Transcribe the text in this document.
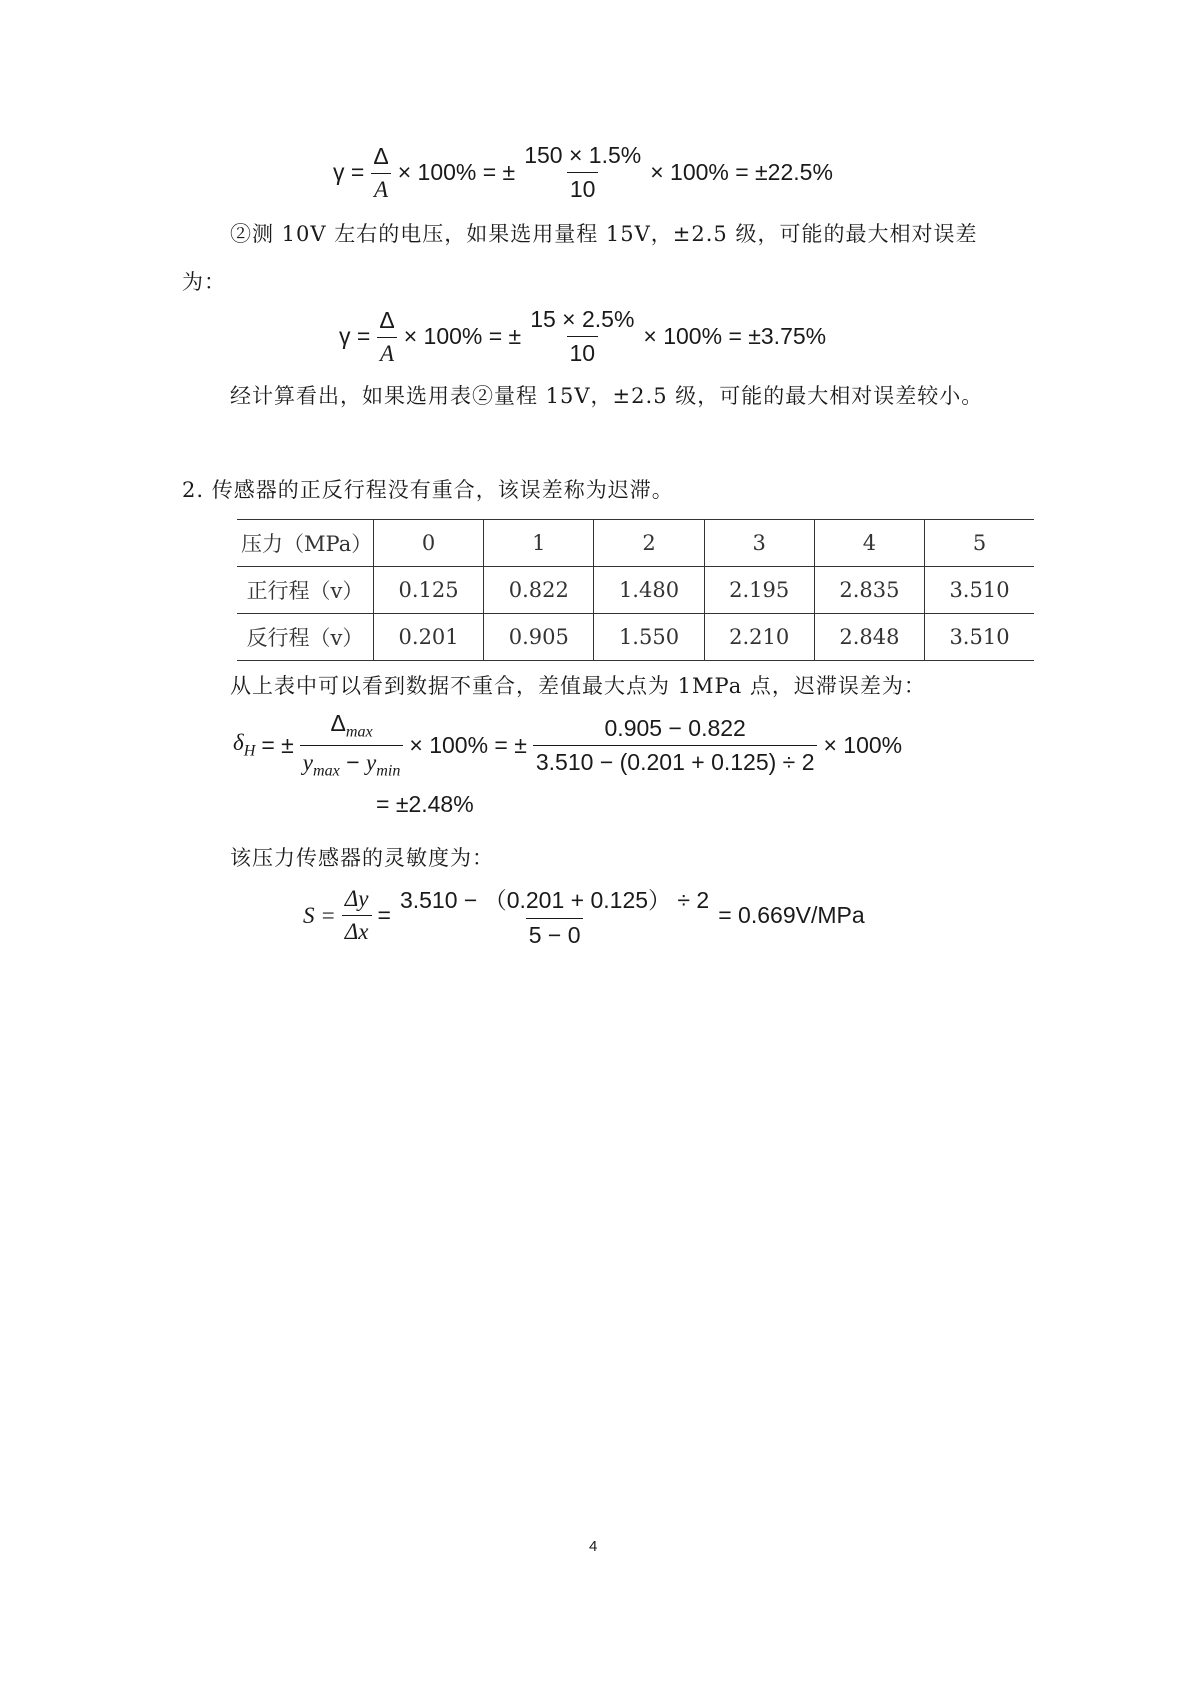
$\gamma = \frac{\Delta}{A} \times 100\%$ = ± $\frac{150 \times 1.5\%}{10} \times 100\% = \pm 22.5\%$
②测 10V 左右的电压，如果选用量程 15V，±2.5 级，可能的最大相对误差
为：
$\gamma = \frac{\Delta}{A} \times 100\%$ = ± $\frac{15 \times 2.5\%}{10} \times 100\% = \pm 3.75\%$
经计算看出，如果选用表②量程 15V，±2.5 级，可能的最大相对误差较小。
2. 传感器的正反行程没有重合，该误差称为迟滞。
压力（MPa）	0	1	2	3	4	5
正行程（v）	0.125	0.822	1.480	2.195	2.835	3.510
反行程（v）	0.201	0.905	1.550	2.210	2.848	3.510
从上表中可以看到数据不重合，差值最大点为 1MPa 点，迟滞误差为：
$\delta_H$ = ± $\frac{\Delta_{max}}{y_{max} - y_{min}} \times 100\%$ = ± $\frac{0.905 - 0.822}{3.510 - (0.201 + 0.125) \div 2} \times 100\%$
= ±2.48%
该压力传感器的灵敏度为：
$S = \frac{\Delta y}{\Delta x} = \frac{3.510 - (0.201 + 0.125) \div 2}{5 - 0} = 0.669V/MPa$
4
